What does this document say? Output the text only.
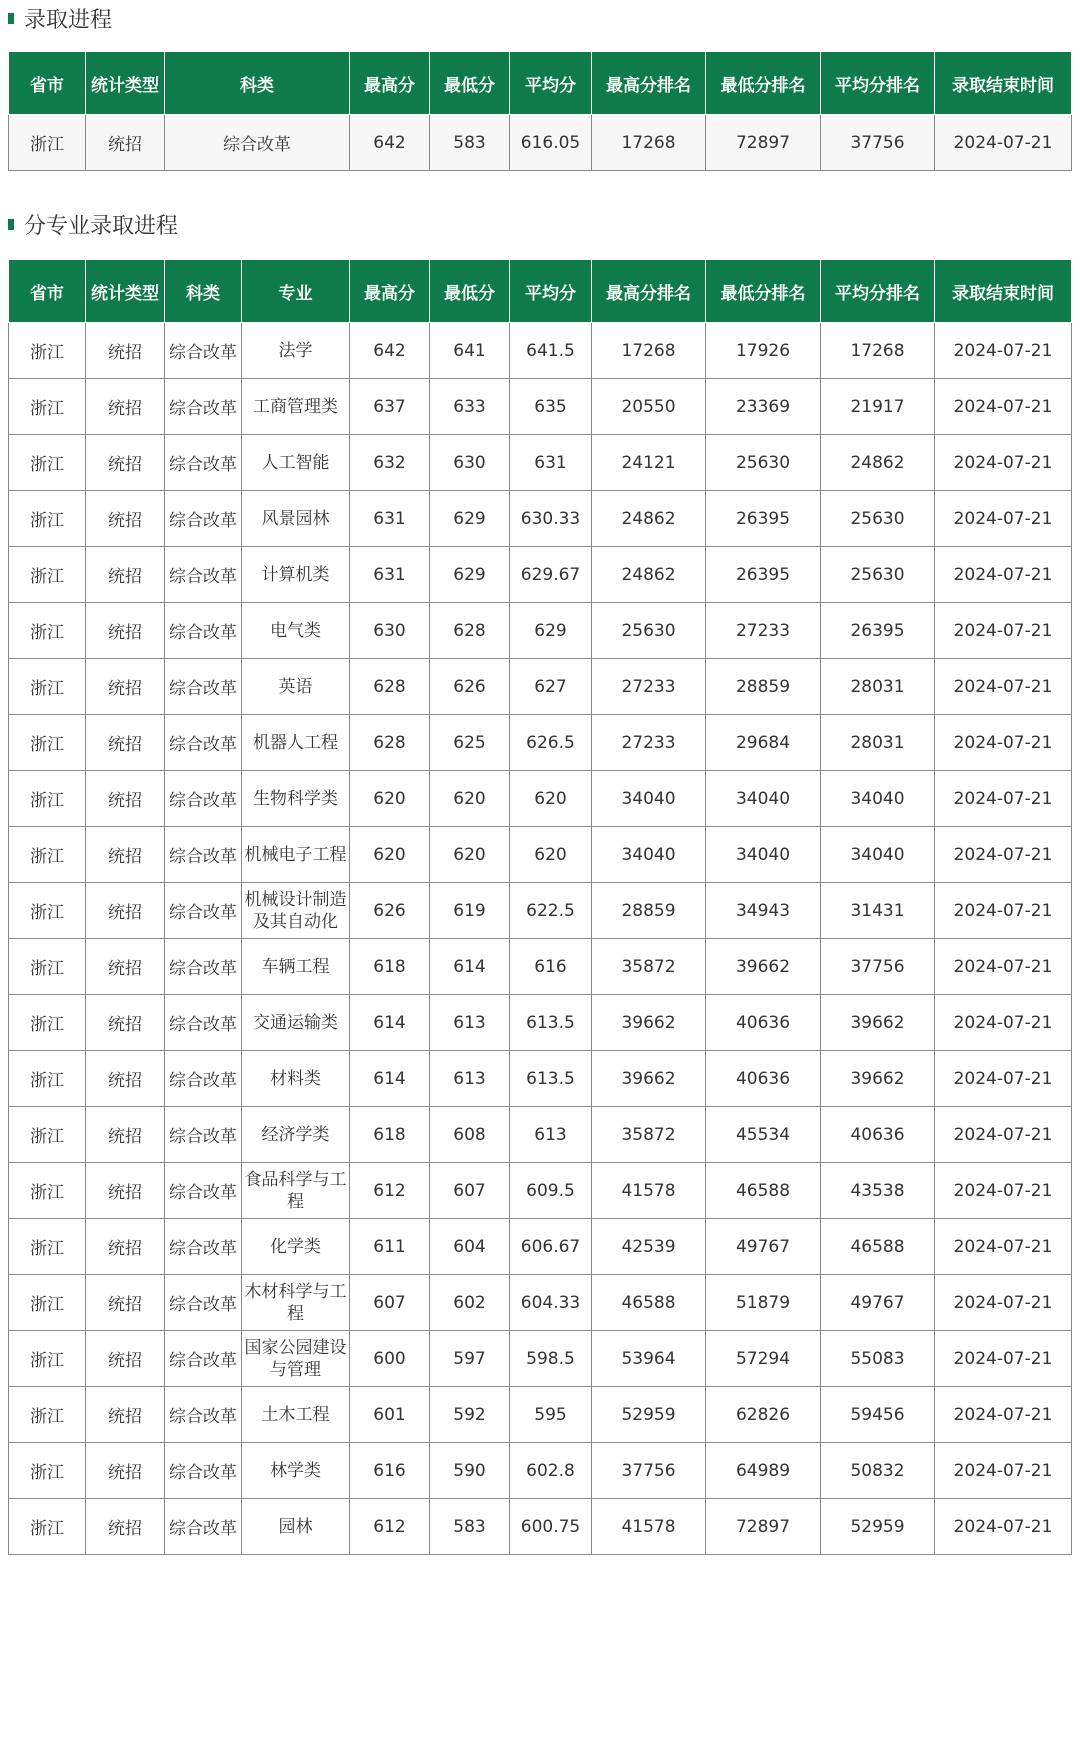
录取进程
省市	统计类型	科类	最高分	最低分	平均分	最高分排名	最低分排名	平均分排名	录取结束时间
浙江	统招	综合改革	642	583	616.05	17268	72897	37756	2024-07-21
分专业录取进程
省市	统计类型	科类	专业	最高分	最低分	平均分	最高分排名	最低分排名	平均分排名	录取结束时间
浙江	统招	综合改革	法学	642	641	641.5	17268	17926	17268	2024-07-21
浙江	统招	综合改革	工商管理类	637	633	635	20550	23369	21917	2024-07-21
浙江	统招	综合改革	人工智能	632	630	631	24121	25630	24862	2024-07-21
浙江	统招	综合改革	风景园林	631	629	630.33	24862	26395	25630	2024-07-21
浙江	统招	综合改革	计算机类	631	629	629.67	24862	26395	25630	2024-07-21
浙江	统招	综合改革	电气类	630	628	629	25630	27233	26395	2024-07-21
浙江	统招	综合改革	英语	628	626	627	27233	28859	28031	2024-07-21
浙江	统招	综合改革	机器人工程	628	625	626.5	27233	29684	28031	2024-07-21
浙江	统招	综合改革	生物科学类	620	620	620	34040	34040	34040	2024-07-21
浙江	统招	综合改革	机械电子工程	620	620	620	34040	34040	34040	2024-07-21
浙江	统招	综合改革	机械设计制造及其自动化	626	619	622.5	28859	34943	31431	2024-07-21
浙江	统招	综合改革	车辆工程	618	614	616	35872	39662	37756	2024-07-21
浙江	统招	综合改革	交通运输类	614	613	613.5	39662	40636	39662	2024-07-21
浙江	统招	综合改革	材料类	614	613	613.5	39662	40636	39662	2024-07-21
浙江	统招	综合改革	经济学类	618	608	613	35872	45534	40636	2024-07-21
浙江	统招	综合改革	食品科学与工程	612	607	609.5	41578	46588	43538	2024-07-21
浙江	统招	综合改革	化学类	611	604	606.67	42539	49767	46588	2024-07-21
浙江	统招	综合改革	木材科学与工程	607	602	604.33	46588	51879	49767	2024-07-21
浙江	统招	综合改革	国家公园建设与管理	600	597	598.5	53964	57294	55083	2024-07-21
浙江	统招	综合改革	土木工程	601	592	595	52959	62826	59456	2024-07-21
浙江	统招	综合改革	林学类	616	590	602.8	37756	64989	50832	2024-07-21
浙江	统招	综合改革	园林	612	583	600.75	41578	72897	52959	2024-07-21
